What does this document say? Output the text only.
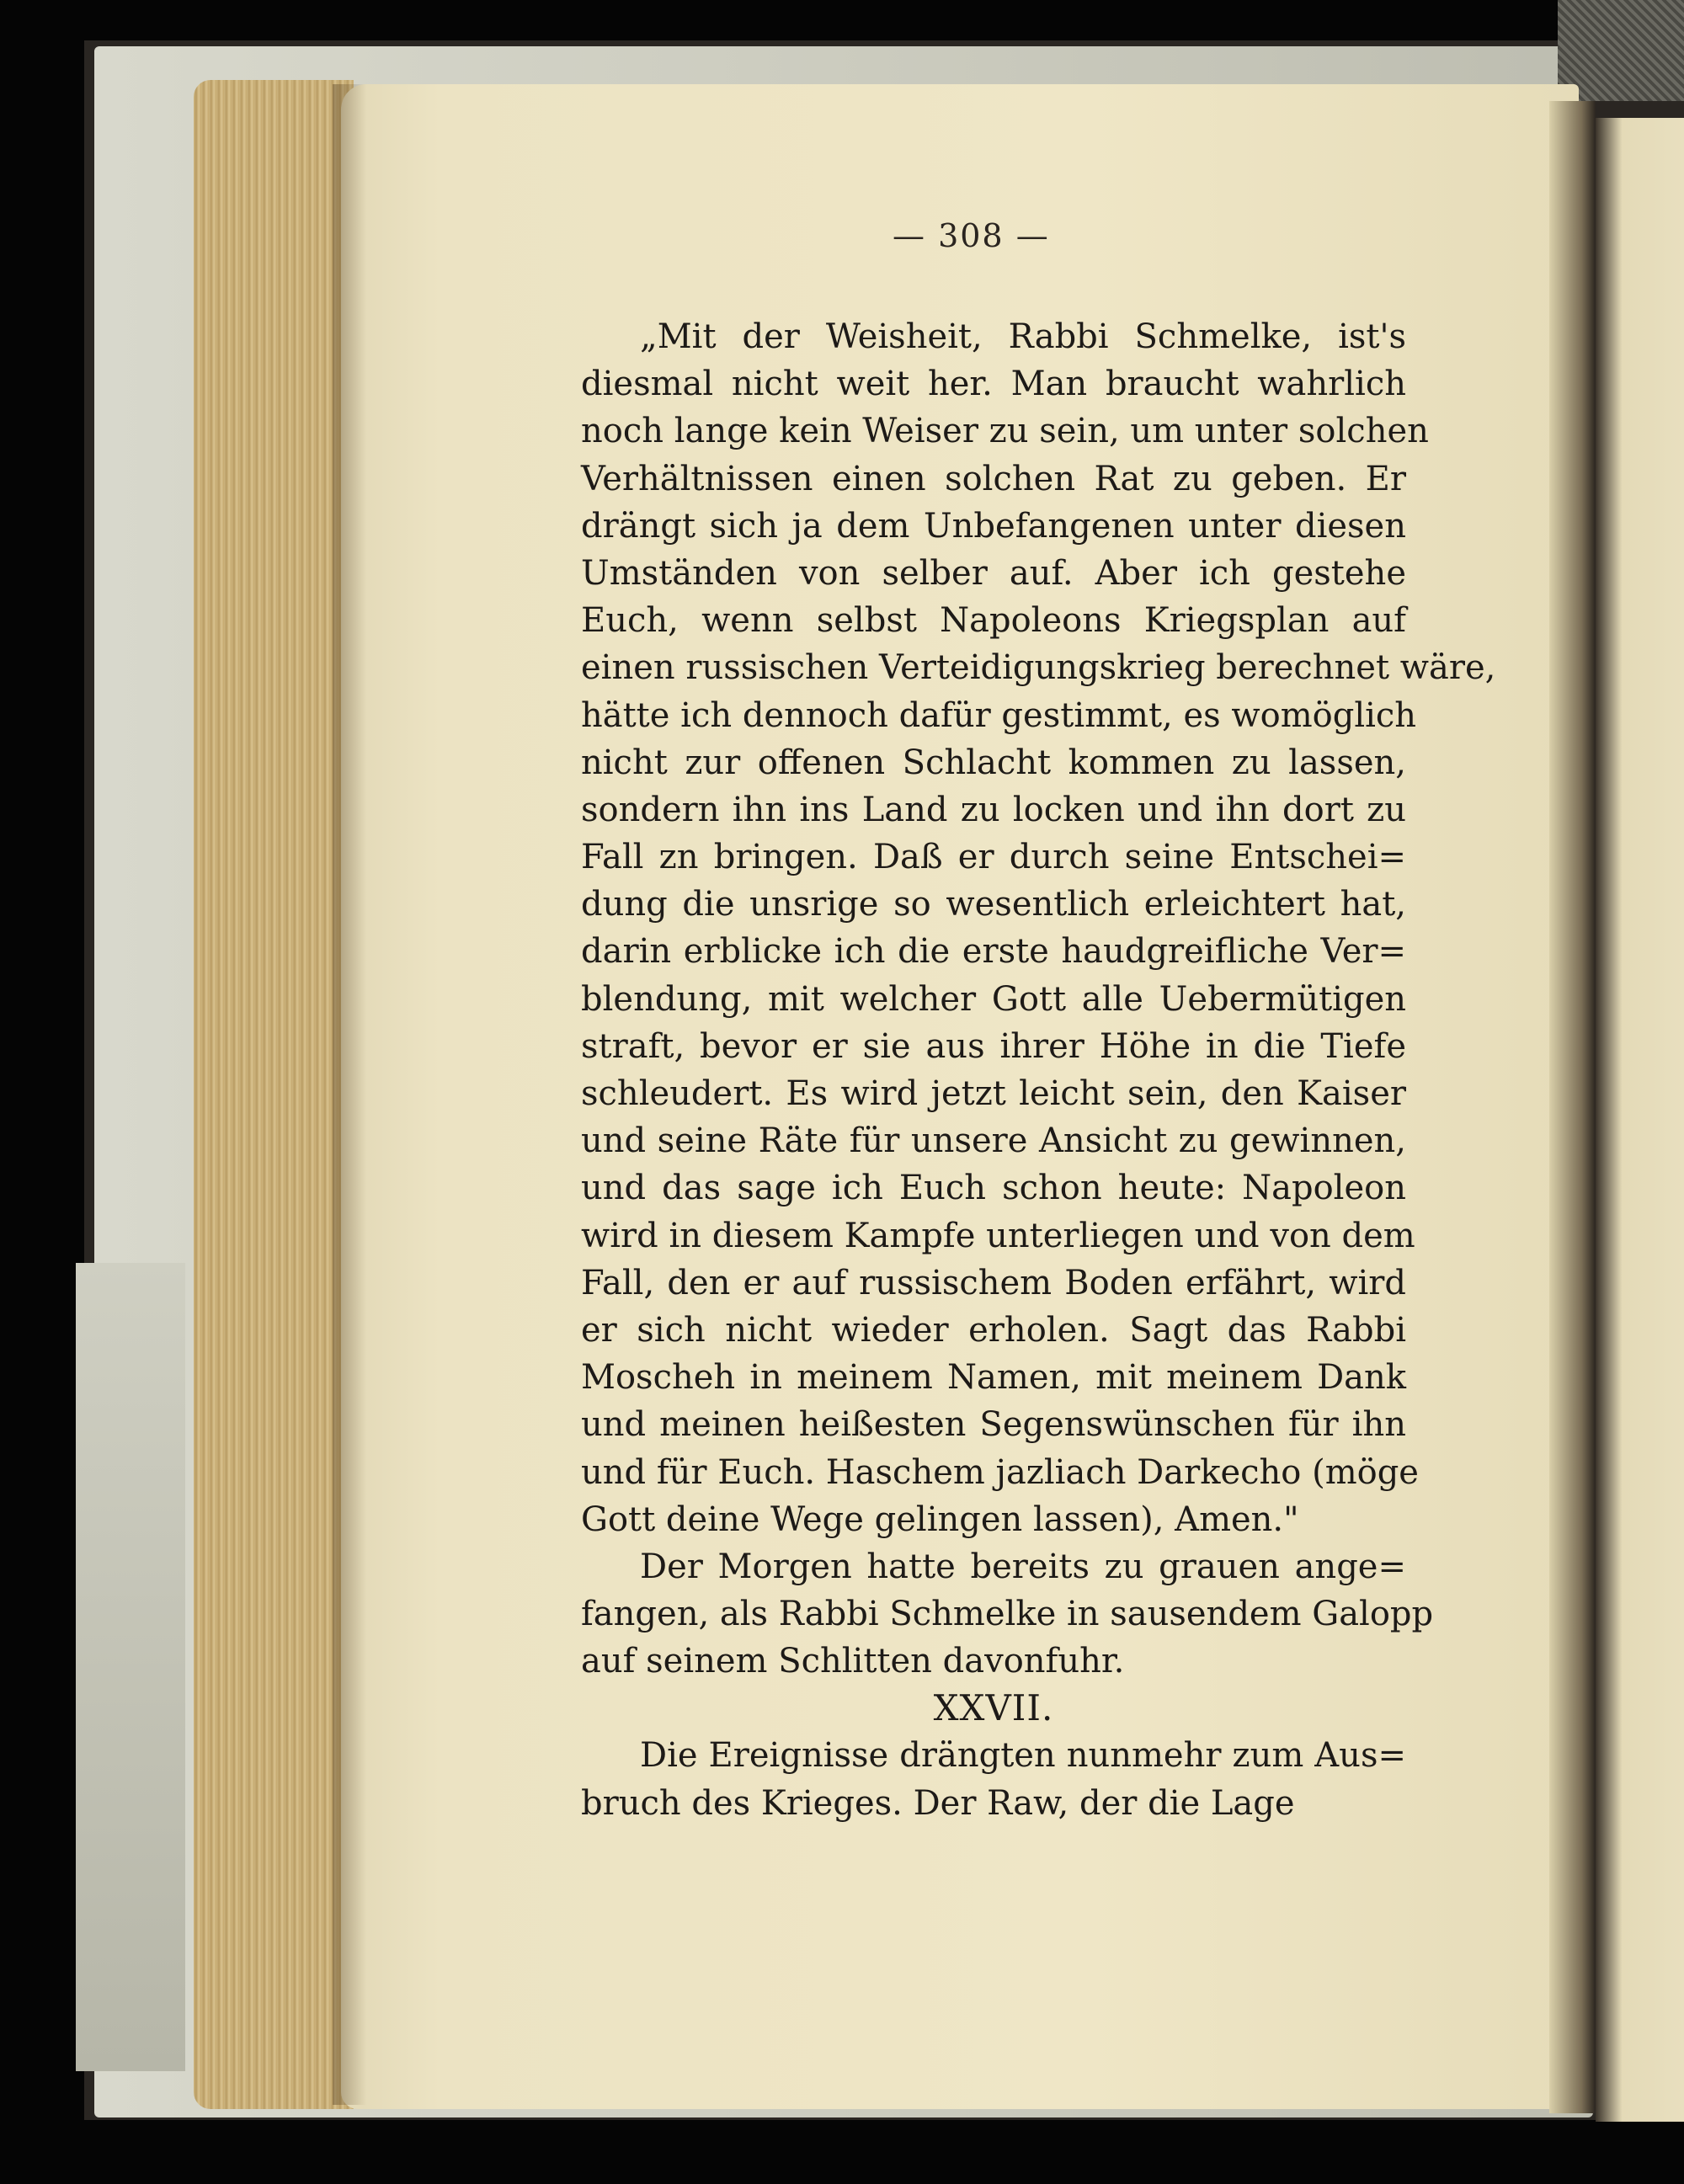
— 308 —
„Mit der Weisheit, Rabbi Schmelke, ist's
diesmal nicht weit her. Man braucht wahrlich
noch lange kein Weiser zu sein, um unter solchen
Verhältnissen einen solchen Rat zu geben. Er
drängt sich ja dem Unbefangenen unter diesen
Umständen von selber auf. Aber ich gestehe
Euch, wenn selbst Napoleons Kriegsplan auf
einen russischen Verteidigungskrieg berechnet wäre,
hätte ich dennoch dafür gestimmt, es womöglich
nicht zur offenen Schlacht kommen zu lassen,
sondern ihn ins Land zu locken und ihn dort zu
Fall zn bringen. Daß er durch seine Entschei=
dung die unsrige so wesentlich erleichtert hat,
darin erblicke ich die erste haudgreifliche Ver=
blendung, mit welcher Gott alle Uebermütigen
straft, bevor er sie aus ihrer Höhe in die Tiefe
schleudert. Es wird jetzt leicht sein, den Kaiser
und seine Räte für unsere Ansicht zu gewinnen,
und das sage ich Euch schon heute: Napoleon
wird in diesem Kampfe unterliegen und von dem
Fall, den er auf russischem Boden erfährt, wird
er sich nicht wieder erholen. Sagt das Rabbi
Moscheh in meinem Namen, mit meinem Dank
und meinen heißesten Segenswünschen für ihn
und für Euch. Haschem jazliach Darkecho (möge
Gott deine Wege gelingen lassen), Amen."
Der Morgen hatte bereits zu grauen ange=
fangen, als Rabbi Schmelke in sausendem Galopp
auf seinem Schlitten davonfuhr.
XXVII.
Die Ereignisse drängten nunmehr zum Aus=
bruch des Krieges. Der Raw, der die Lage
